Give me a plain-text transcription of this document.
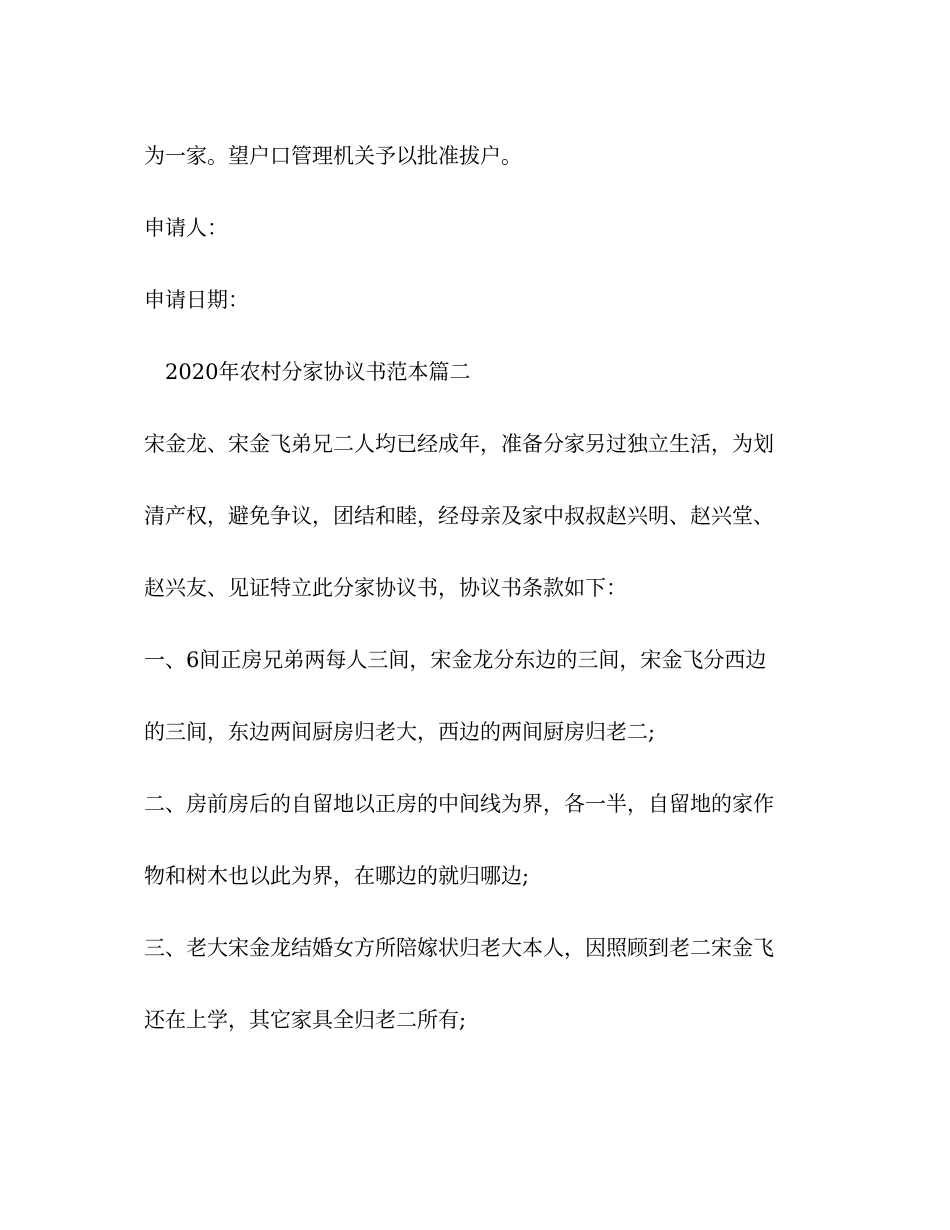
为一家。望户口管理机关予以批准拔户。

申请人：

申请日期：

2020年农村分家协议书范本篇二

宋金龙、宋金飞弟兄二人均已经成年，准备分家另过独立生活，为划

清产权，避免争议，团结和睦，经母亲及家中叔叔赵兴明、赵兴堂、

赵兴友、见证特立此分家协议书，协议书条款如下：

一、6间正房兄弟两每人三间，宋金龙分东边的三间，宋金飞分西边

的三间，东边两间厨房归老大，西边的两间厨房归老二;

二、房前房后的自留地以正房的中间线为界，各一半，自留地的家作

物和树木也以此为界，在哪边的就归哪边;

三、老大宋金龙结婚女方所陪嫁状归老大本人，因照顾到老二宋金飞

还在上学，其它家具全归老二所有;
